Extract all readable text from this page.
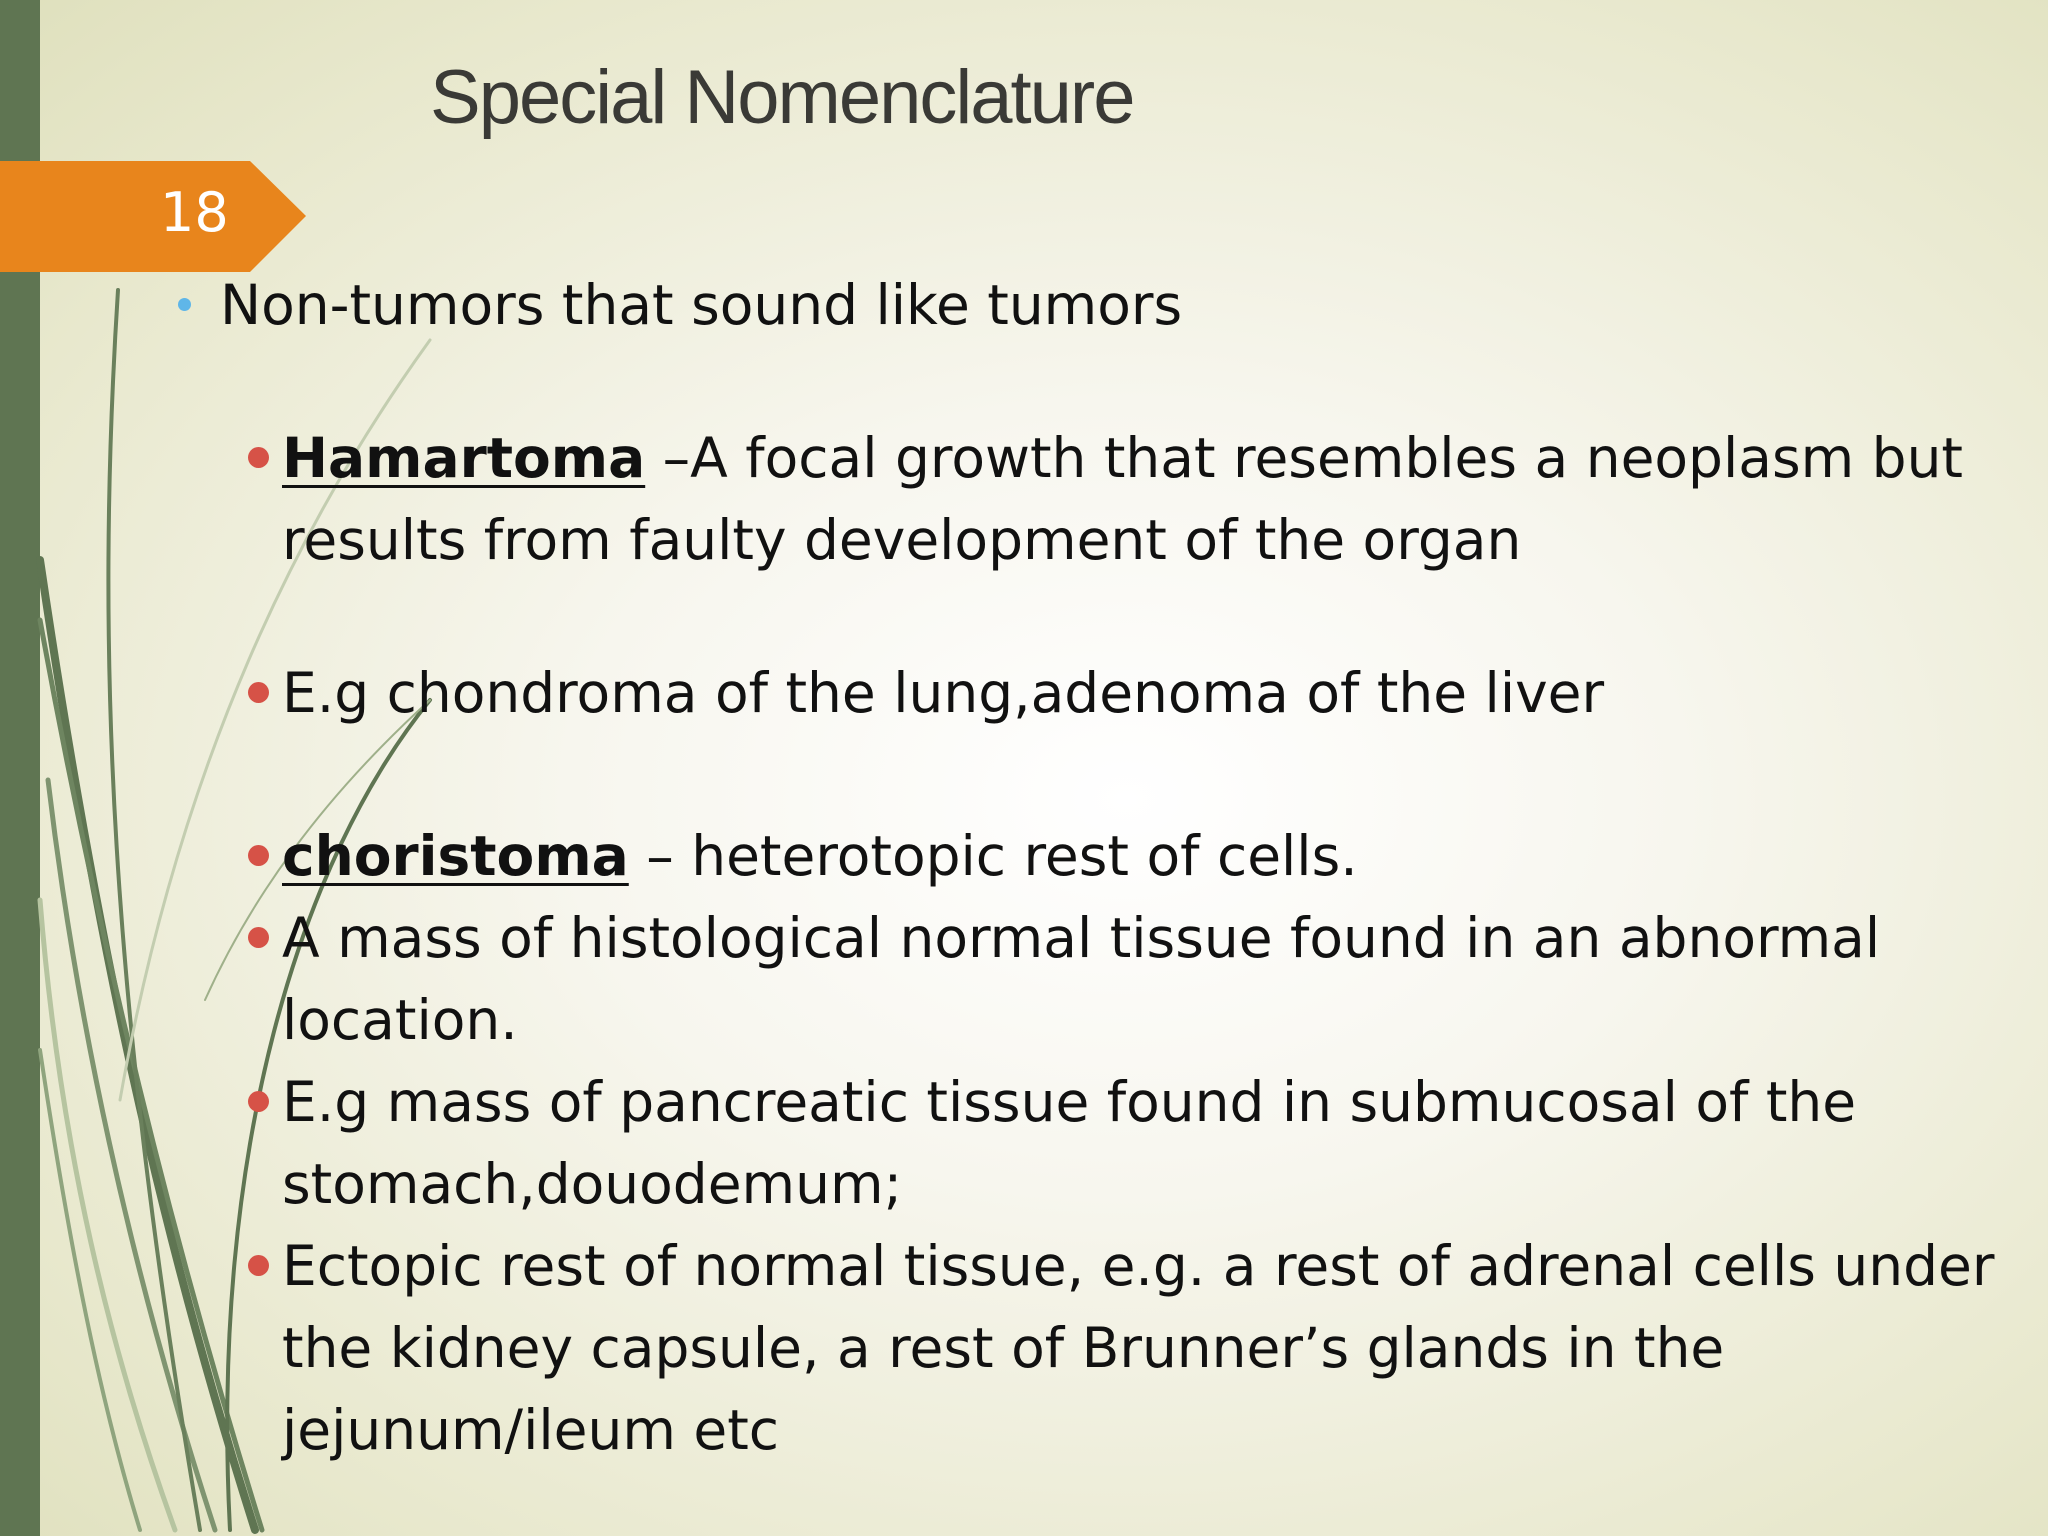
18
Special Nomenclature
Non-tumors that sound like tumors
Hamartoma –A focal growth that resembles a neoplasm but results from faulty development of the organ
E.g chondroma of the lung,adenoma of the liver
choristoma – heterotopic rest of cells.
A mass of histological normal tissue found in an abnormal location.
E.g mass of pancreatic tissue found in submucosal of the stomach,douodemum;
Ectopic rest of normal tissue, e.g. a rest of adrenal cells under the kidney capsule, a rest of Brunner’s glands in the jejunum/ileum etc
